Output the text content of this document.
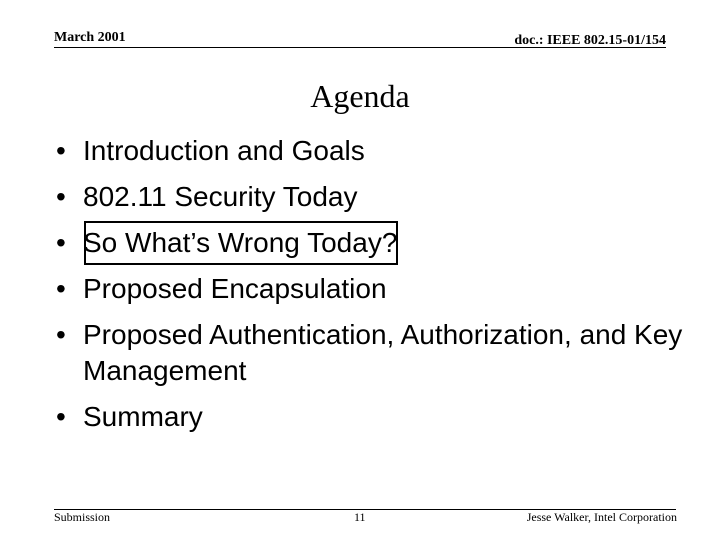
March 2001	doc.: IEEE 802.15-01/154
Agenda
• Introduction and Goals
• 802.11 Security Today
• So What’s Wrong Today?
• Proposed Encapsulation
• Proposed Authentication, Authorization, and Key Management
• Summary
Submission	11	Jesse Walker, Intel Corporation
